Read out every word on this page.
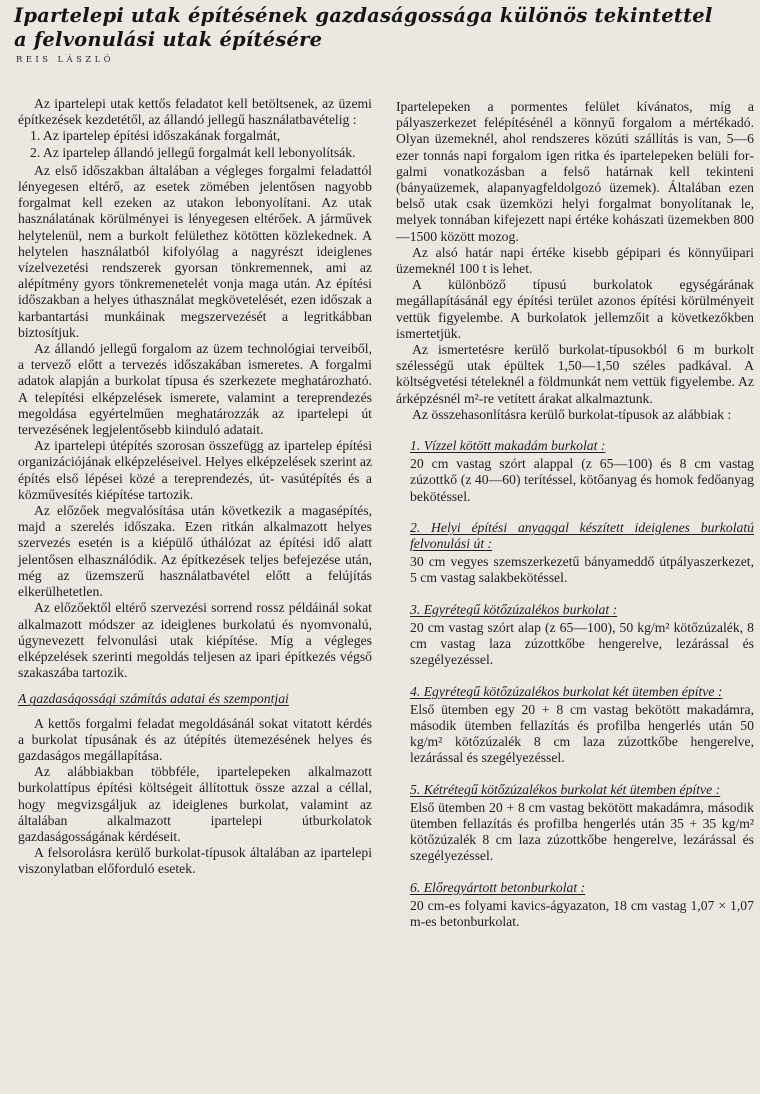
Ipartelepi utak építésének gazdaságossága különös tekintettel a felvonulási utak építésére
REIS LÁSZLÓ

Az ipartelepi utak kettős feladatot kell betöltsenek, az üzemi építkezések kezdetétől, az állandó jellegű használatbavételig :

1. Az ipartelep építési időszakának forgalmát,

2. Az ipartelep állandó jellegű forgalmát kell lebonyolítsák.

Az első időszakban általában a végleges forgalmi feladattól lényegesen eltérő, az esetek zömében jelentősen nagyobb forgalmat kell ezeken az utakon lebonyolítani. Az utak használatának körülményei is lényegesen eltérőek. A járművek helytelenül, nem a burkolt felülethez kötötten közlekednek. A helytelen használatból kifolyólag a nagyrészt ideiglenes vízelvezetési rendszerek gyorsan tönkremennek, ami az alépítmény gyors tönkremenetelét vonja maga után. Az építési időszakban a helyes úthasználat megkövetelését, ezen időszak a karbantartási munkáinak megszervezését a legritkábban biztosítjuk.

Az állandó jellegű forgalom az üzem technológiai terveiből, a tervező előtt a tervezés időszakában ismeretes. A forgalmi adatok alapján a burkolat típusa és szerkezete meghatározható. A telepítési elképzelések ismerete, valamint a tereprendezés megoldása egyértelműen meghatározzák az ipartelepi út tervezésének legjelentősebb kiinduló adatait.

Az ipartelepi útépítés szorosan összefügg az ipartelep építési organizációjának elképzeléseivel. Helyes elképzelések szerint az építés első lépései közé a tereprendezés, út- vasútépítés és a közművesítés kiépítése tartozik.

Az előzőek megvalósítása után következik a magasépítés, majd a szerelés időszaka. Ezen ritkán alkalmazott helyes szervezés esetén is a kiépülő úthálózat az építési idő alatt jelentősen elhasználódik. Az építkezések teljes befejezése után, még az üzemszerű használatbavétel előtt a felújítás elkerülhetetlen.

Az előzőektől eltérő szervezési sorrend rossz példáinál sokat alkalmazott módszer az ideiglenes burkolatú és nyomvonalú, úgynevezett felvonulási utak kiépítése. Míg a végleges elképzelések szerinti megoldás teljesen az ipari építkezés végső szakaszába tartozik.

A gazdaságossági számítás adatai és szempontjai

A kettős forgalmi feladat megoldásánál sokat vitatott kérdés a burkolat típusának és az útépítés ütemezésének helyes és gazdaságos megállapítása.

Az alábbiakban többféle, ipartelepeken alkalmazott burkolattípus építési költségeit állítottuk össze azzal a céllal, hogy megvizsgáljuk az ideiglenes burkolat, valamint az általában alkalmazott ipartelepi útburkolatok gazdaságosságának kérdéseit.

A felsorolásra kerülő burkolat-típusok általában az ipartelepi viszonylatban előforduló esetek.

Ipartelepeken a pormentes felület kívánatos, míg a pályaszerkezet felépítésénél a könnyű forgalom a mértékadó. Olyan üzemeknél, ahol rendszeres közúti szállítás is van, 5—6 ezer tonnás napi forgalom igen ritka és ipartelepeken belüli forgalmi vonatkozásban a felső határnak kell tekinteni (bányaüzemek, alapanyagfeldolgozó üzemek). Általában ezen belső utak csak üzemközi helyi forgalmat bonyolítanak le, melyek tonnában kifejezett napi értéke kohászati üzemekben 800—1500 között mozog.

Az alsó határ napi értéke kisebb gépipari és könnyűipari üzemeknél 100 t is lehet.

A különböző típusú burkolatok egységárának megállapításánál egy építési terület azonos építési körülményeit vettük figyelembe. A burkolatok jellemzőit a következőkben ismertetjük.

Az ismertetésre kerülő burkolat-típusokból 6 m burkolt szélességű utak épültek 1,50—1,50 széles padkával. A költségvetési tételeknél a földmunkát nem vettük figyelembe. Az árképzésnél m²-re vetített árakat alkalmaztunk.

Az összehasonlításra kerülő burkolat-típusok az alábbiak :

1. Vízzel kötött makadám burkolat :

20 cm vastag szórt alappal (z 65—100) és 8 cm vastag zúzottkő (z 40—60) terítéssel, kötőanyag és homok fedőanyag bekötéssel.

2. Helyi építési anyaggal készített ideiglenes burkolatú felvonulási út :

30 cm vegyes szemszerkezetű bányameddő útpályaszerkezet, 5 cm vastag salakbekötéssel.

3. Egyrétegű kötőzúzalékos burkolat :

20 cm vastag szórt alap (z 65—100), 50 kg/m² kötőzúzalék, 8 cm vastag laza zúzottkőbe hengerelve, lezárással és szegélyezéssel.

4. Egyrétegű kötőzúzalékos burkolat két ütemben építve :

Első ütemben egy 20 + 8 cm vastag bekötött makadámra, második ütemben fellazítás és profilba hengerlés után 50 kg/m² kötőzúzalék 8 cm laza zúzottkőbe hengerelve, lezárással és szegélyezéssel.

5. Kétrétegű kötőzúzalékos burkolat két ütemben építve :

Első ütemben 20 + 8 cm vastag bekötött makadámra, második ütemben fellazítás és profilba hengerlés után 35 + 35 kg/m² kötőzúzalék 8 cm laza zúzottkőbe hengerelve, lezárással és szegélyezéssel.

6. Előregyártott betonburkolat :

20 cm-es folyami kavics-ágyazaton, 18 cm vastag 1,07 × 1,07 m-es betonburkolat.
